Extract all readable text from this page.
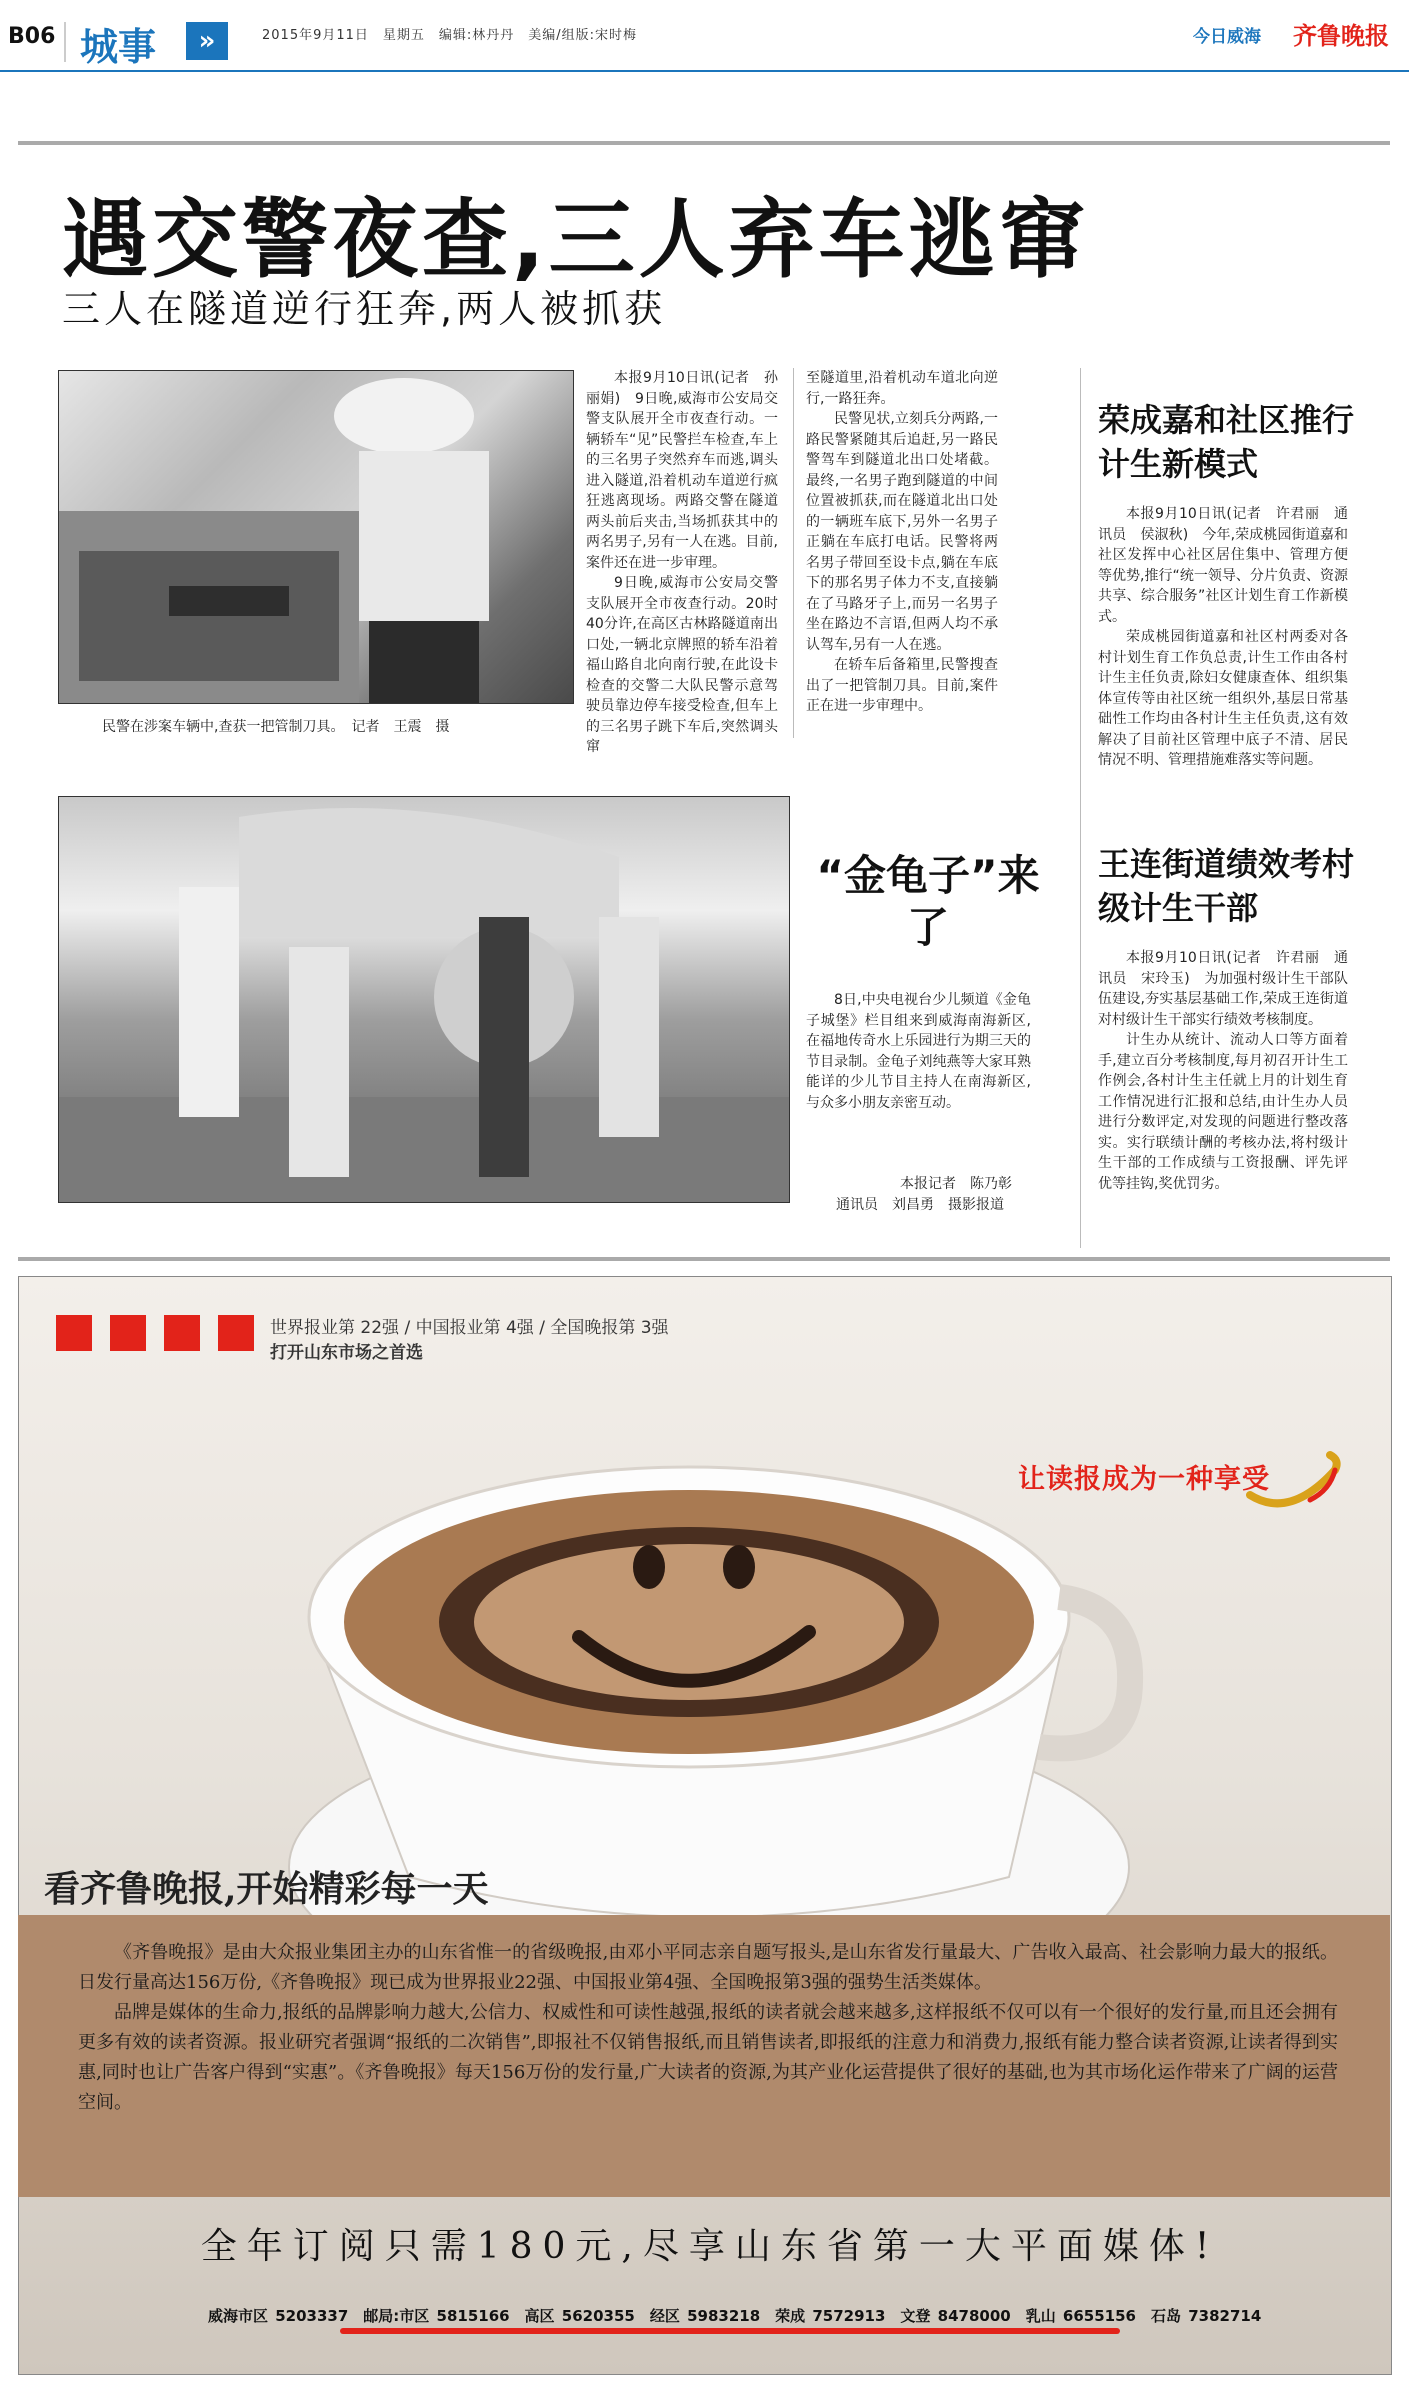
B06 城事	»	2015年9月11日　星期五　编辑:林丹丹　美编/组版:宋时梅	今日威海 齐鲁晚报
遇交警夜查,三人弃车逃窜
三人在隧道逆行狂奔,两人被抓获
民警在涉案车辆中,查获一把管制刀具。　记者　王震　摄

本报9月10日讯(记者　孙丽娟)　9日晚,威海市公安局交警支队展开全市夜查行动。一辆轿车“见”民警拦车检查,车上的三名男子突然弃车而逃,调头进入隧道,沿着机动车道逆行疯狂逃离现场。两路交警在隧道两头前后夹击,当场抓获其中的两名男子,另有一人在逃。目前,案件还在进一步审理。

9日晚,威海市公安局交警支队展开全市夜查行动。20时40分许,在高区古林路隧道南出口处,一辆北京牌照的轿车沿着福山路自北向南行驶,在此设卡检查的交警二大队民警示意驾驶员靠边停车接受检查,但车上的三名男子跳下车后,突然调头窜

至隧道里,沿着机动车道北向逆行,一路狂奔。

民警见状,立刻兵分两路,一路民警紧随其后追赶,另一路民警驾车到隧道北出口处堵截。最终,一名男子跑到隧道的中间位置被抓获,而在隧道北出口处的一辆班车底下,另外一名男子正躺在车底打电话。民警将两名男子带回至设卡点,躺在车底下的那名男子体力不支,直接躺在了马路牙子上,而另一名男子坐在路边不言语,但两人均不承认驾车,另有一人在逃。

在轿车后备箱里,民警搜查出了一把管制刀具。目前,案件正在进一步审理中。

“金龟子”来了

8日,中央电视台少儿频道《金龟子城堡》栏目组来到威海南海新区,在福地传奇水上乐园进行为期三天的节目录制。金龟子刘纯燕等大家耳熟能详的少儿节目主持人在南海新区,与众多小朋友亲密互动。

本报记者　陈乃彰
通讯员　刘昌勇　摄影报道
荣成嘉和社区推行计生新模式

本报9月10日讯(记者　许君丽　通讯员　侯淑秋)　今年,荣成桃园街道嘉和社区发挥中心社区居住集中、管理方便等优势,推行“统一领导、分片负责、资源共享、综合服务”社区计划生育工作新模式。

荣成桃园街道嘉和社区村两委对各村计划生育工作负总责,计生工作由各村计生主任负责,除妇女健康查体、组织集体宣传等由社区统一组织外,基层日常基础性工作均由各村计生主任负责,这有效解决了目前社区管理中底子不清、居民情况不明、管理措施难落实等问题。

王连街道绩效考村级计生干部

本报9月10日讯(记者　许君丽　通讯员　宋玲玉)　为加强村级计生干部队伍建设,夯实基层基础工作,荣成王连街道对村级计生干部实行绩效考核制度。

计生办从统计、流动人口等方面着手,建立百分考核制度,每月初召开计生工作例会,各村计生主任就上月的计划生育工作情况进行汇报和总结,由计生办人员进行分数评定,对发现的问题进行整改落实。实行联绩计酬的考核办法,将村级计生干部的工作成绩与工资报酬、评先评优等挂钩,奖优罚劣。

世界报业第 22强 / 中国报业第 4强 / 全国晚报第 3强
打开山东市场之首选
让读报成为一种享受
看齐鲁晚报,开始精彩每一天

《齐鲁晚报》是由大众报业集团主办的山东省惟一的省级晚报,由邓小平同志亲自题写报头,是山东省发行量最大、广告收入最高、社会影响力最大的报纸。日发行量高达156万份,《齐鲁晚报》现已成为世界报业22强、中国报业第4强、全国晚报第3强的强势生活类媒体。

品牌是媒体的生命力,报纸的品牌影响力越大,公信力、权威性和可读性越强,报纸的读者就会越来越多,这样报纸不仅可以有一个很好的发行量,而且还会拥有更多有效的读者资源。报业研究者强调“报纸的二次销售”,即报社不仅销售报纸,而且销售读者,即报纸的注意力和消费力,报纸有能力整合读者资源,让读者得到实惠,同时也让广告客户得到“实惠”。《齐鲁晚报》每天156万份的发行量,广大读者的资源,为其产业化运营提供了很好的基础,也为其市场化运作带来了广阔的运营空间。

全年订阅只需180元,尽享山东省第一大平面媒体!
威海市区 5203337　邮局:市区 5815166　高区 5620355　经区 5983218　荣成 7572913　文登 8478000　乳山 6655156　石岛 7382714
